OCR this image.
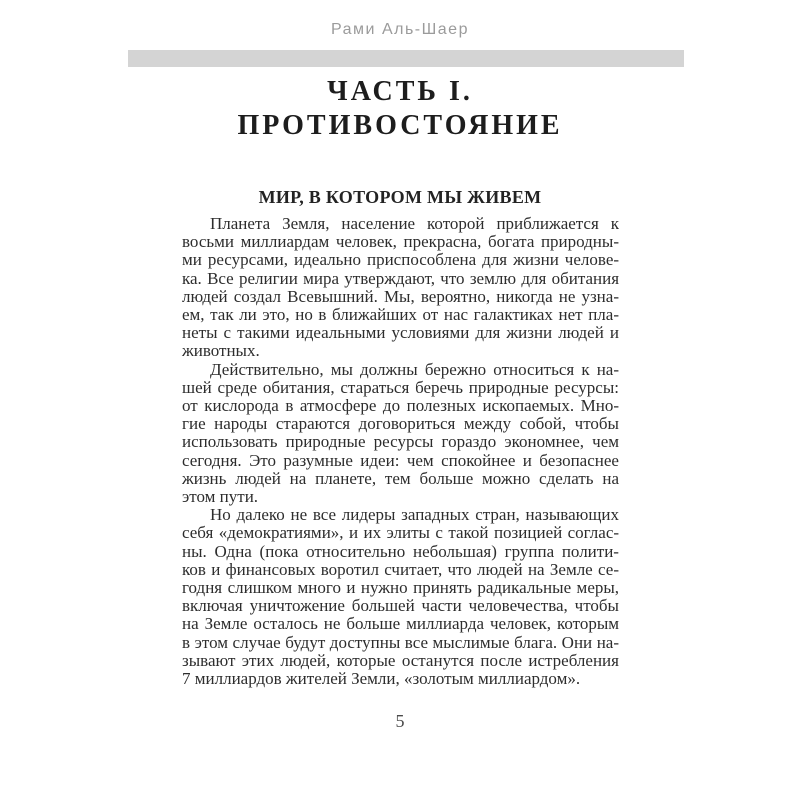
Рами Аль-Шаер
ЧАСТЬ I.
ПРОТИВОСТОЯНИЕ
МИР, В КОТОРОМ МЫ ЖИВЕМ
Планета Земля, население которой приближается к
восьми миллиардам человек, прекрасна, богата природны-
ми ресурсами, идеально приспособлена для жизни челове-
ка. Все религии мира утверждают, что землю для обитания
людей создал Всевышний. Мы, вероятно, никогда не узна-
ем, так ли это, но в ближайших от нас галактиках нет пла-
неты с такими идеальными условиями для жизни людей и
животных.
Действительно, мы должны бережно относиться к на-
шей среде обитания, стараться беречь природные ресурсы:
от кислорода в атмосфере до полезных ископаемых. Мно-
гие народы стараются договориться между собой, чтобы
использовать природные ресурсы гораздо экономнее, чем
сегодня. Это разумные идеи: чем спокойнее и безопаснее
жизнь людей на планете, тем больше можно сделать на
этом пути.
Но далеко не все лидеры западных стран, называющих
себя «демократиями», и их элиты с такой позицией соглас-
ны. Одна (пока относительно небольшая) группа полити-
ков и финансовых воротил считает, что людей на Земле се-
годня слишком много и нужно принять радикальные меры,
включая уничтожение большей части человечества, чтобы
на Земле осталось не больше миллиарда человек, которым
в этом случае будут доступны все мыслимые блага. Они на-
зывают этих людей, которые останутся после истребления
7 миллиардов жителей Земли, «золотым миллиардом».
5
